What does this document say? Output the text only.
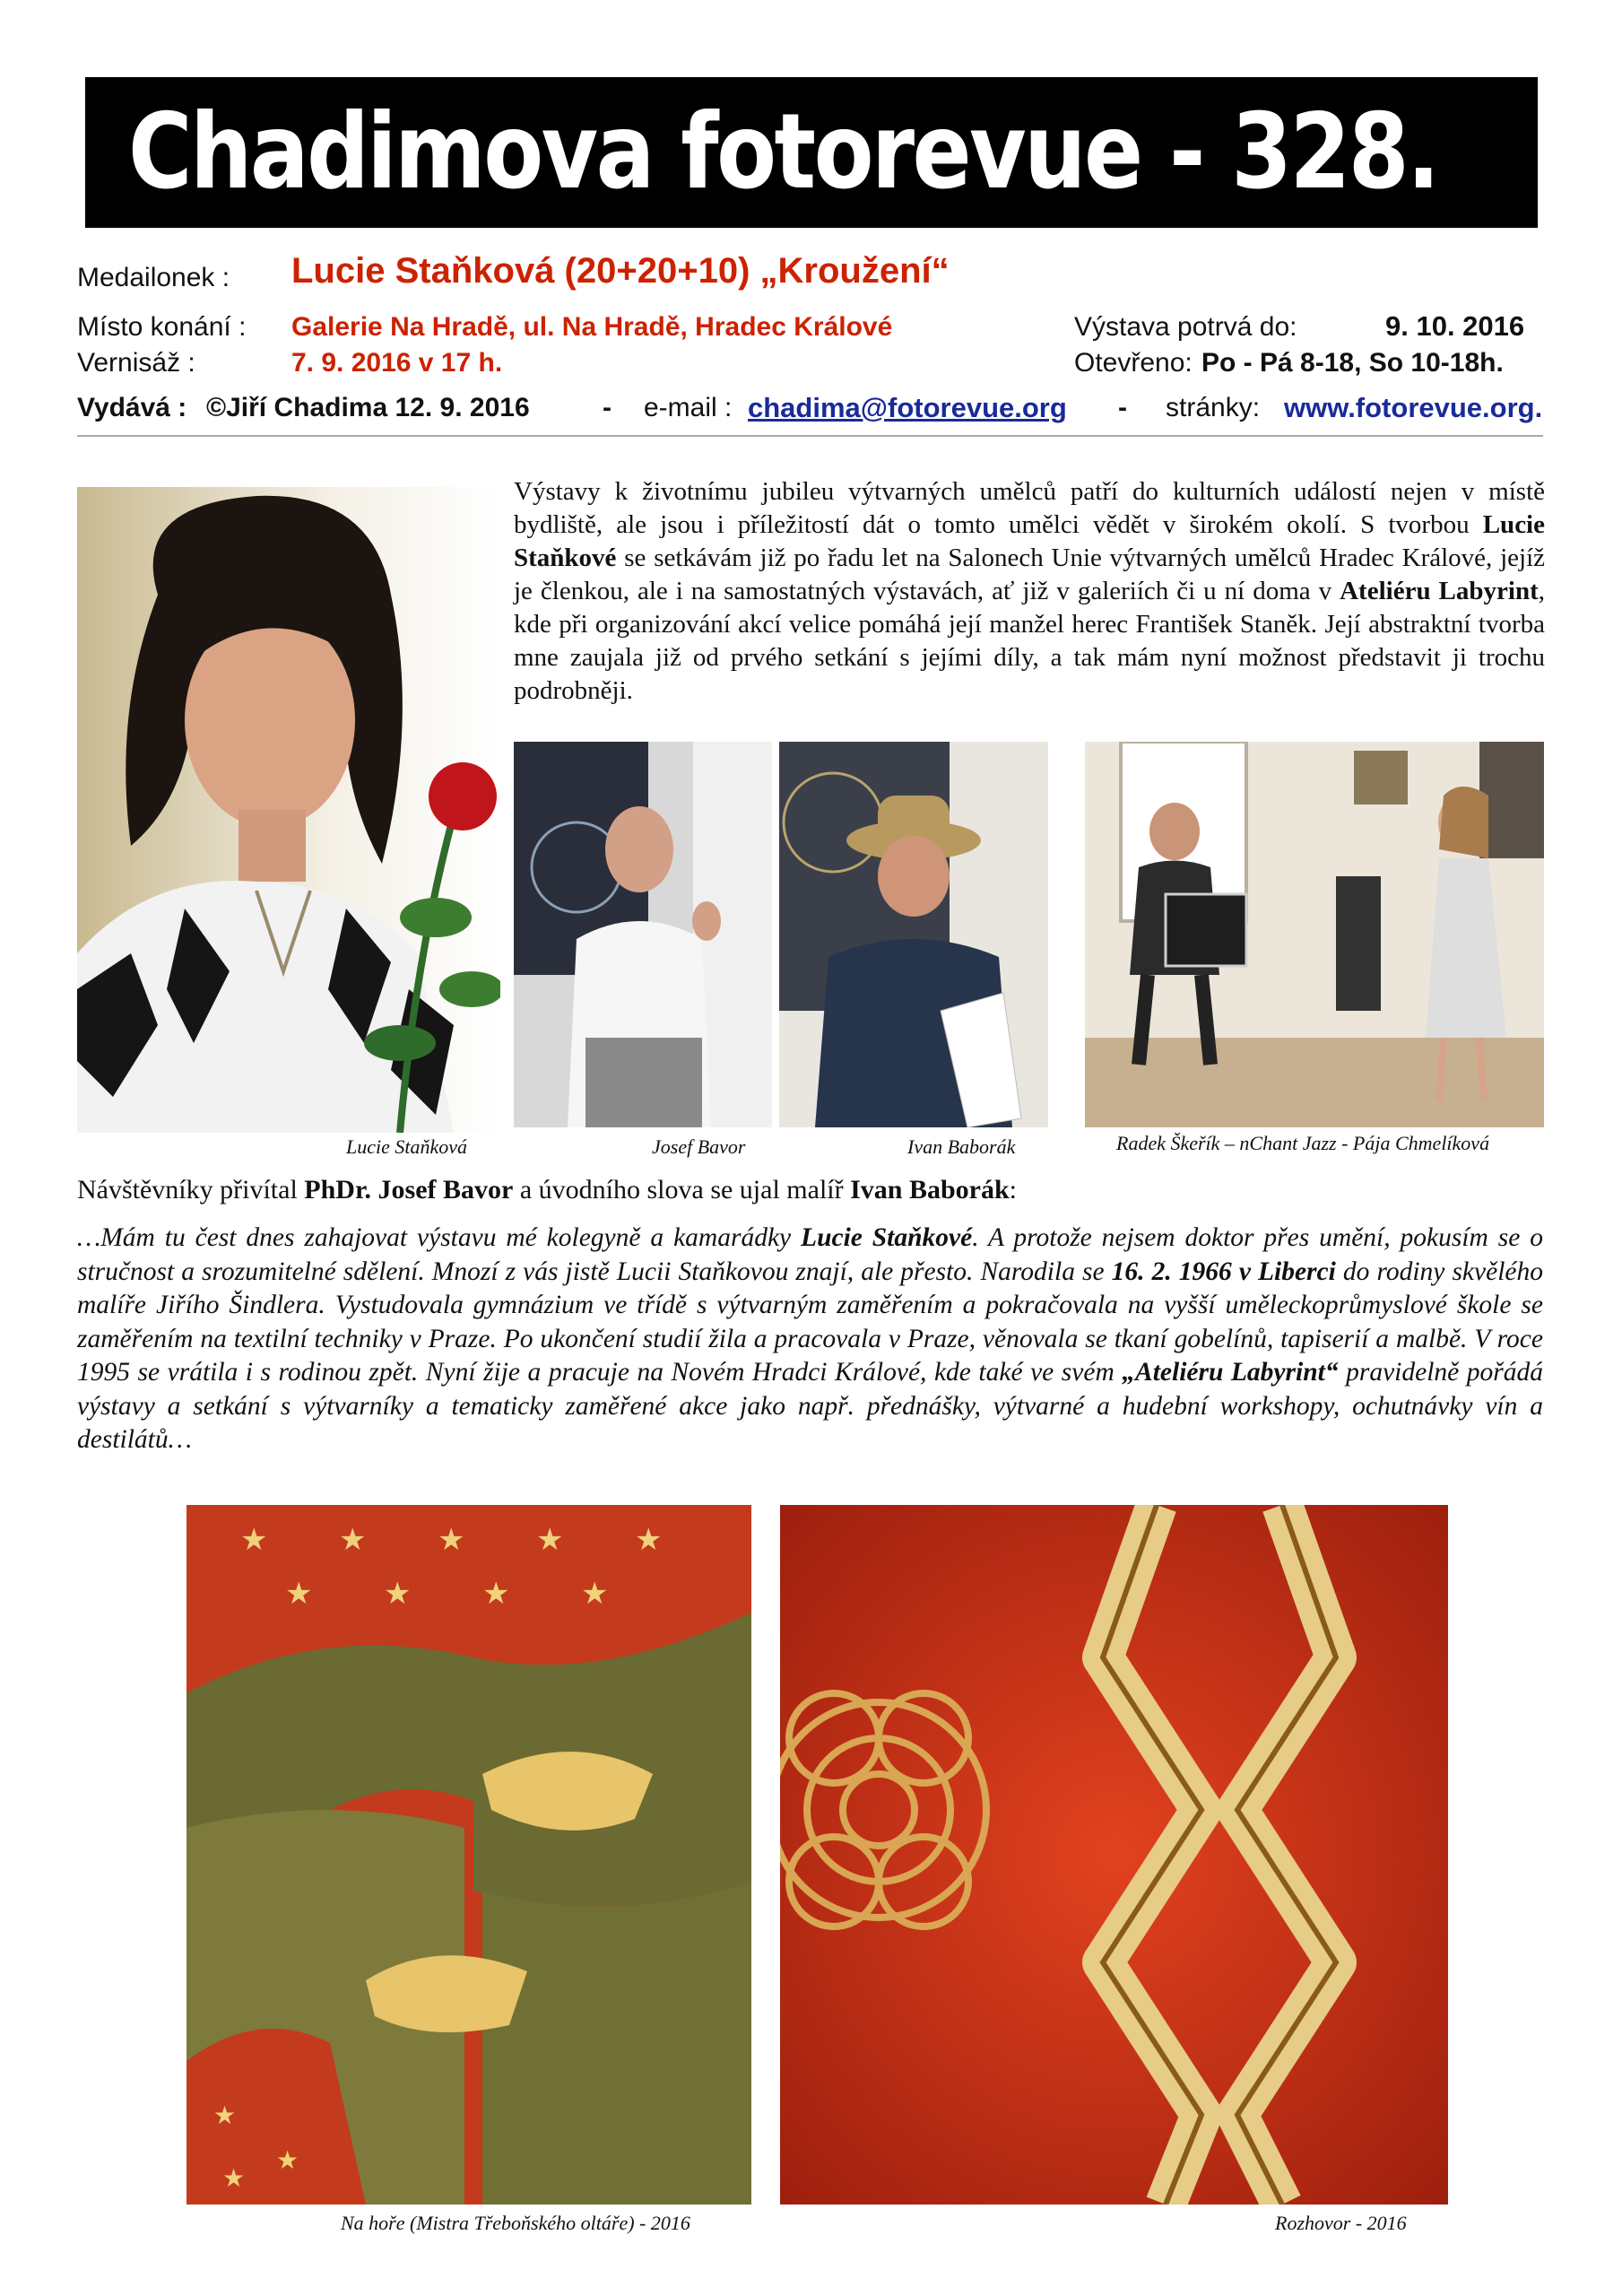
Chadimova fotorevue - 328.
Medailonek : Lucie Staňková (20+20+10) „Kroužení“
Místo konání : Galerie Na Hradě, ul. Na Hradě, Hradec Králové	Výstava potrvá do:	9. 10. 2016
Vernisáž :	7. 9. 2016 v 17 h.	Otevřeno: Po - Pá 8-18, So 10-18h.
Vydává : ©Jiří Chadima 12. 9. 2016	- e-mail : chadima@fotorevue.org - stránky: www.fotorevue.org.
Výstavy k životnímu jubileu výtvarných umělců patří do kulturních událostí nejen v místě bydliště, ale jsou i příležitostí dát o tomto umělci vědět v širokém okolí. S tvorbou Lucie Staňkové se setkávám již po řadu let na Salonech Unie výtvarných umělců Hradec Králové, jejíž je členkou, ale i na samostatných výstavách, ať již v galeriích či u ní doma v Ateliéru Labyrint, kde při organizování akcí velice pomáhá její manžel herec František Staněk. Její abstraktní tvorba mne zaujala již od prvého setkání s jejími díly, a tak mám nyní možnost představit ji trochu podrobněji.
Lucie Staňková	Josef Bavor	Ivan Baborák	Radek Škeřík – nChant Jazz - Pája Chmelíková
Návštěvníky přivítal PhDr. Josef Bavor a úvodního slova se ujal malíř Ivan Baborák:
…Mám tu čest dnes zahajovat výstavu mé kolegyně a kamarádky Lucie Staňkové. A protože nejsem doktor přes umění, pokusím se o stručnost a srozumitelné sdělení. Mnozí z vás jistě Lucii Staňkovou znají, ale přesto. Narodila se 16. 2. 1966 v Liberci do rodiny skvělého malíře Jiřího Šindlera. Vystudovala gymnázium ve třídě s výtvarným zaměřením a pokračovala na vyšší uměleckoprůmyslové škole se zaměřením na textilní techniky v Praze. Po ukončení studií žila a pracovala v Praze, věnovala se tkaní gobelínů, tapiserií a malbě. V roce 1995 se vrátila i s rodinou zpět. Nyní žije a pracuje na Novém Hradci Králové, kde také ve svém „Ateliéru Labyrint“ pravidelně pořádá výstavy a setkání s výtvarníky a tematicky zaměřené akce jako např. přednášky, výtvarné a hudební workshopy, ochutnávky vín a destilátů…
★ ★ ★ ★ ★
★ ★ ★ ★
★
★
★
Na hoře (Mistra Třeboňského oltáře) - 2016	Rozhovor - 2016
